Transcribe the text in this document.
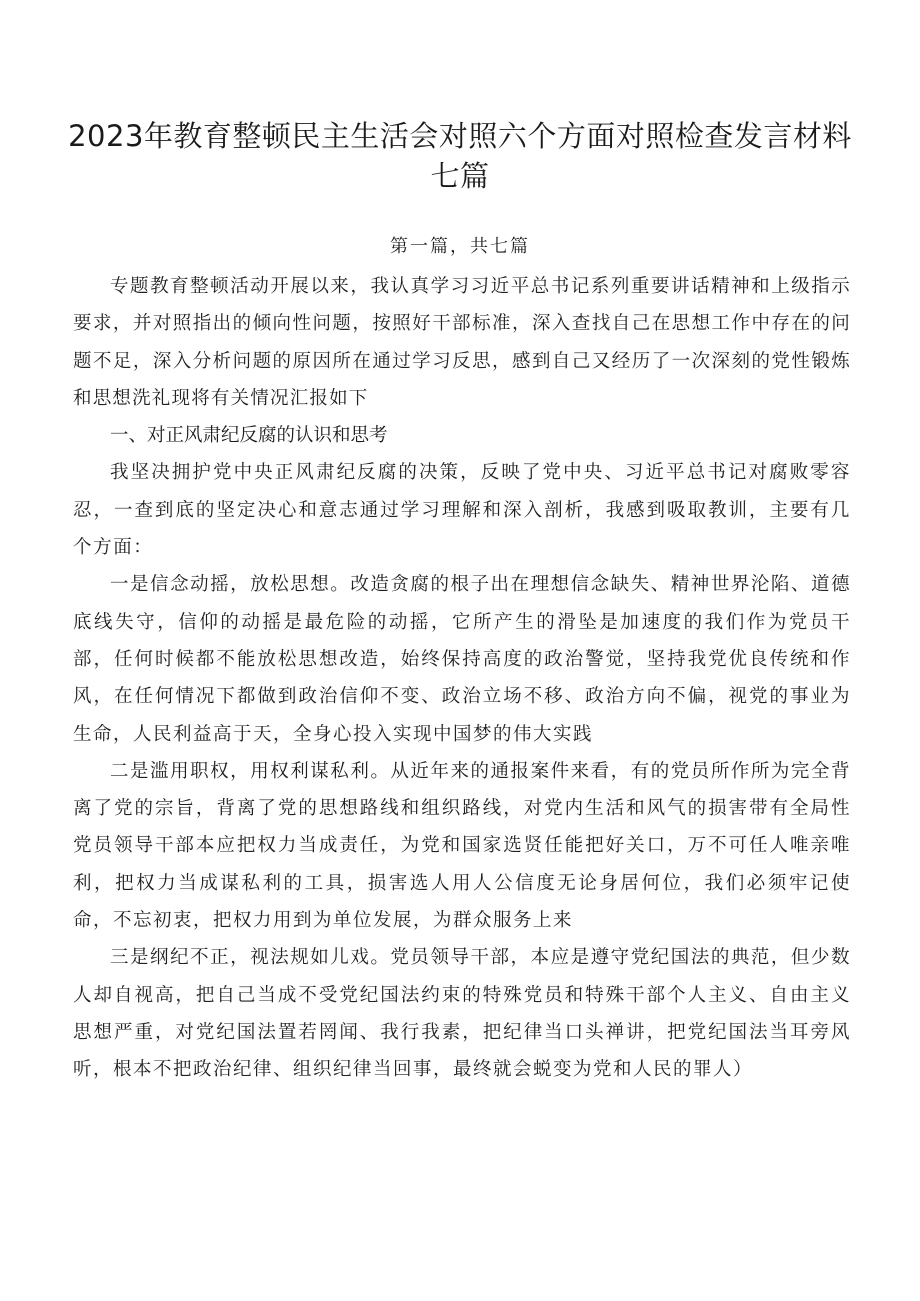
2023年教育整顿民主生活会对照六个方面对照检查发言材料七篇
第一篇，共七篇

专题教育整顿活动开展以来，我认真学习习近平总书记系列重要讲话精神和上级指示要求，并对照指出的倾向性问题，按照好干部标准，深入查找自己在思想工作中存在的问题不足，深入分析问题的原因所在通过学习反思，感到自己又经历了一次深刻的党性锻炼和思想洗礼现将有关情况汇报如下

一、对正风肃纪反腐的认识和思考

我坚决拥护党中央正风肃纪反腐的决策，反映了党中央、习近平总书记对腐败零容忍，一查到底的坚定决心和意志通过学习理解和深入剖析，我感到吸取教训，主要有几个方面：

一是信念动摇，放松思想。改造贪腐的根子出在理想信念缺失、精神世界沦陷、道德底线失守，信仰的动摇是最危险的动摇，它所产生的滑坠是加速度的我们作为党员干部，任何时候都不能放松思想改造，始终保持高度的政治警觉，坚持我党优良传统和作风，在任何情况下都做到政治信仰不变、政治立场不移、政治方向不偏，视党的事业为生命，人民利益高于天，全身心投入实现中国梦的伟大实践

二是滥用职权，用权利谋私利。从近年来的通报案件来看，有的党员所作所为完全背离了党的宗旨，背离了党的思想路线和组织路线，对党内生活和风气的损害带有全局性党员领导干部本应把权力当成责任，为党和国家选贤任能把好关口，万不可任人唯亲唯利，把权力当成谋私利的工具，损害选人用人公信度无论身居何位，我们必须牢记使命，不忘初衷，把权力用到为单位发展，为群众服务上来

三是纲纪不正，视法规如儿戏。党员领导干部，本应是遵守党纪国法的典范，但少数人却自视高，把自己当成不受党纪国法约束的特殊党员和特殊干部个人主义、自由主义思想严重，对党纪国法置若罔闻、我行我素，把纪律当口头禅讲，把党纪国法当耳旁风听，根本不把政治纪律、组织纪律当回事，最终就会蜕变为党和人民的罪人）
